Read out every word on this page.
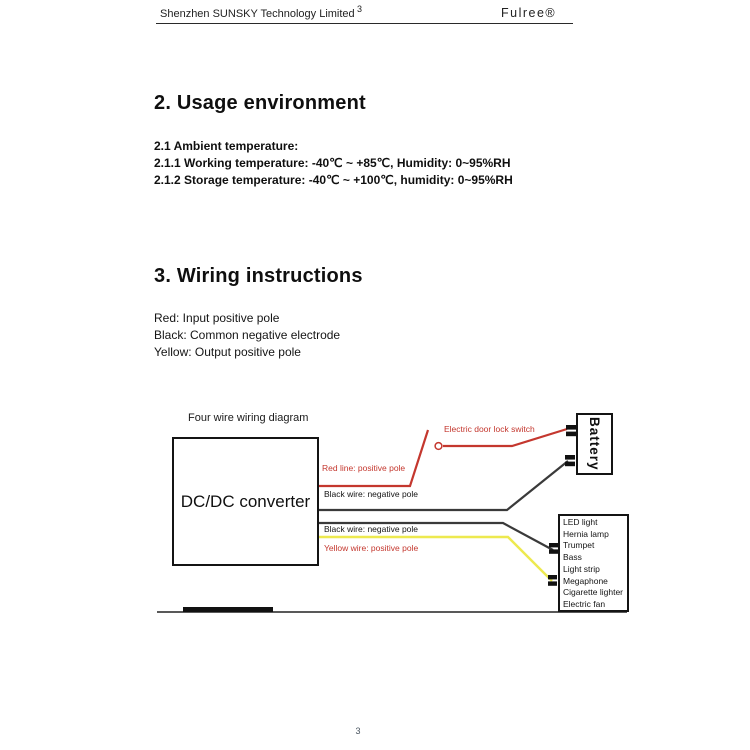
Shenzhen SUNSKY Technology Limited 3	Fulree®
2. Usage environment
2.1 Ambient temperature:
2.1.1 Working temperature: -40℃ ~ +85℃, Humidity: 0~95%RH
2.1.2 Storage temperature: -40℃ ~ +100℃, humidity: 0~95%RH
3. Wiring instructions
Red: Input positive pole
Black: Common negative electrode
Yellow: Output positive pole
Four wire wiring diagram
DC/DC converter
Battery
LED light
Hernia lamp
Trumpet
Bass
Light strip
Megaphone
Cigarette lighter
Electric fan
Electric door lock switch
Red line: positive pole
Black wire: negative pole
Black wire: negative pole
Yellow wire: positive pole
3
